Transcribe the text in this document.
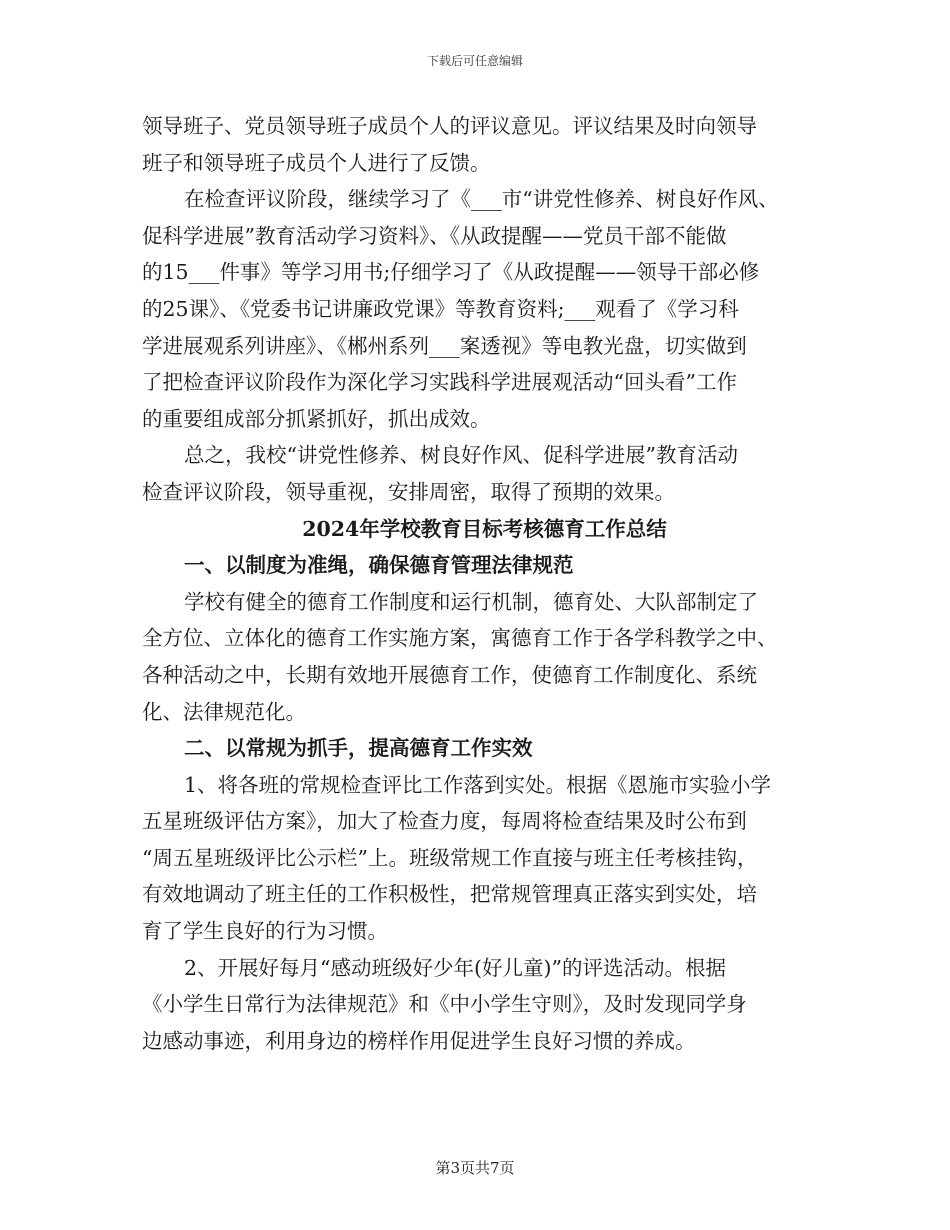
下载后可任意编辑
领导班子、党员领导班子成员个人的评议意见。评议结果及时向领导
班子和领导班子成员个人进行了反馈。
在检查评议阶段，继续学习了《___市“讲党性修养、树良好作风、
促科学进展”教育活动学习资料》、《从政提醒——党员干部不能做
的15___件事》等学习用书;仔细学习了《从政提醒——领导干部必修
的25课》、《党委书记讲廉政党课》等教育资料;___观看了《学习科
学进展观系列讲座》、《郴州系列___案透视》等电教光盘，切实做到
了把检查评议阶段作为深化学习实践科学进展观活动“回头看”工作
的重要组成部分抓紧抓好，抓出成效。
总之，我校“讲党性修养、树良好作风、促科学进展”教育活动
检查评议阶段，领导重视，安排周密，取得了预期的效果。
2024年学校教育目标考核德育工作总结
一、以制度为准绳，确保德育管理法律规范
学校有健全的德育工作制度和运行机制，德育处、大队部制定了
全方位、立体化的德育工作实施方案，寓德育工作于各学科教学之中、
各种活动之中，长期有效地开展德育工作，使德育工作制度化、系统
化、法律规范化。
二、以常规为抓手，提高德育工作实效
1、将各班的常规检查评比工作落到实处。根据《恩施市实验小学
五星班级评估方案》，加大了检查力度，每周将检查结果及时公布到
“周五星班级评比公示栏”上。班级常规工作直接与班主任考核挂钩，
有效地调动了班主任的工作积极性，把常规管理真正落实到实处，培
育了学生良好的行为习惯。
2、开展好每月“感动班级好少年(好儿童)”的评选活动。根据
《小学生日常行为法律规范》和《中小学生守则》，及时发现同学身
边感动事迹，利用身边的榜样作用促进学生良好习惯的养成。
第3页共7页
